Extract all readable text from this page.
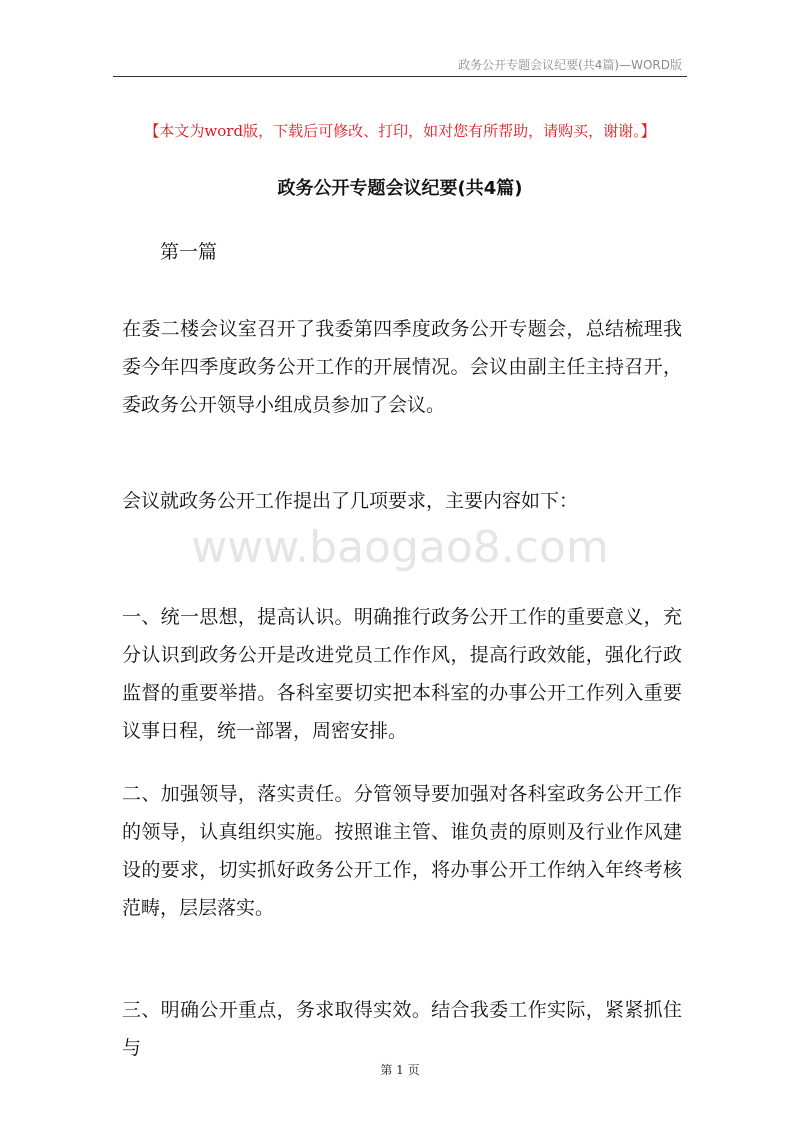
政务公开专题会议纪要(共4篇)—WORD版
【本文为word版，下载后可修改、打印，如对您有所帮助，请购买，谢谢。】
政务公开专题会议纪要(共4篇)
第一篇

在委二楼会议室召开了我委第四季度政务公开专题会，总结梳理我委今年四季度政务公开工作的开展情况。会议由副主任主持召开，委政务公开领导小组成员参加了会议。

会议就政务公开工作提出了几项要求，主要内容如下：

一、统一思想，提高认识。明确推行政务公开工作的重要意义，充分认识到政务公开是改进党员工作作风，提高行政效能，强化行政监督的重要举措。各科室要切实把本科室的办事公开工作列入重要议事日程，统一部署，周密安排。

二、加强领导，落实责任。分管领导要加强对各科室政务公开工作的领导，认真组织实施。按照谁主管、谁负责的原则及行业作风建设的要求，切实抓好政务公开工作，将办事公开工作纳入年终考核范畴，层层落实。

三、明确公开重点，务求取得实效。结合我委工作实际，紧紧抓住与

www.baogao8.com
第 1 页
